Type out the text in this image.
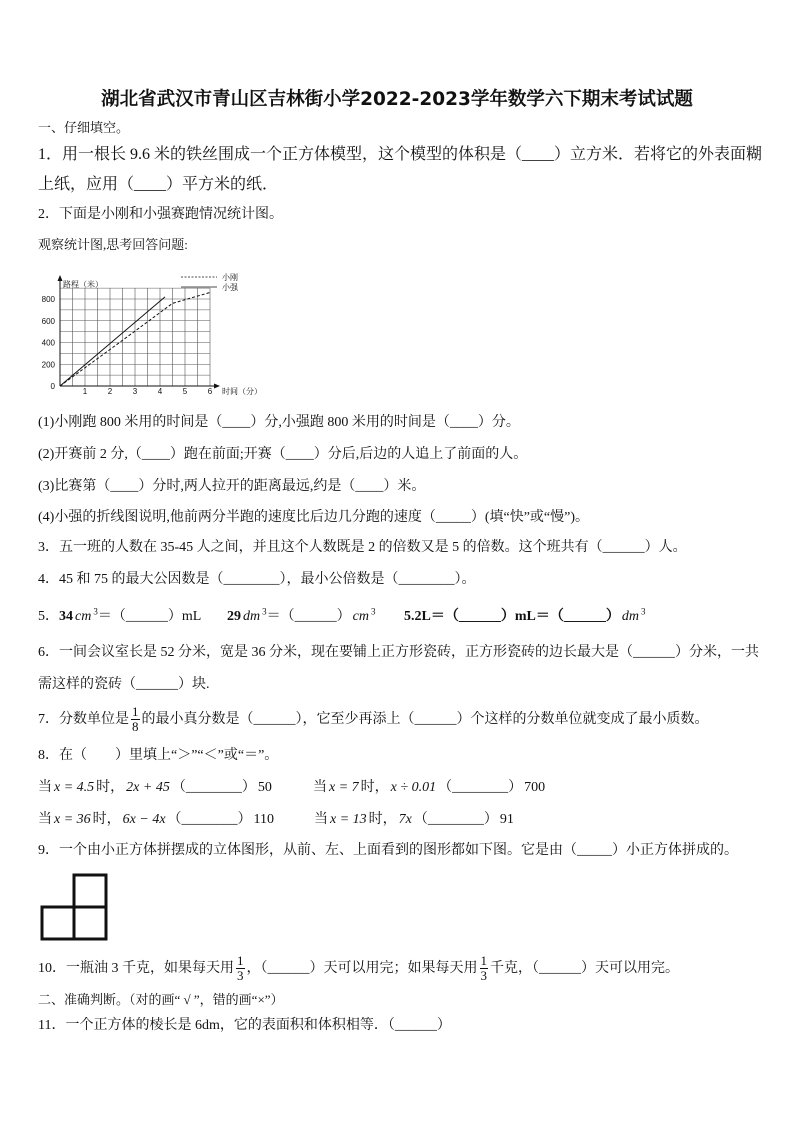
湖北省武汉市青山区吉林街小学2022-2023学年数学六下期末考试试题
一、仔细填空。
1．用一根长 9.6 米的铁丝围成一个正方体模型，这个模型的体积是（____）立方米．若将它的外表面糊
上纸，应用（____）平方米的纸．
2．下面是小刚和小强赛跑情况统计图。
观察统计图,思考回答问题:
0
200
400
600
800
1	2	3	4	5	6
路程（米）
时间（分）
小刚
小强
(1)小刚跑 800 米用的时间是（____）分,小强跑 800 米用的时间是（____）分。
(2)开赛前 2 分,（____）跑在前面;开赛（____）分后,后边的人追上了前面的人。
(3)比赛第（____）分时,两人拉开的距离最远,约是（____）米。
(4)小强的折线图说明,他前两分半跑的速度比后边几分跑的速度（_____）(填“快”或“慢”)。
3．五一班的人数在 35-45 人之间，并且这个人数既是 2 的倍数又是 5 的倍数。这个班共有（______）人。
4．45 和 75 的最大公因数是（________），最小公倍数是（________）。
5．34 cm $^3$＝（______）mL 29 dm $^3$＝（______） cm $^3$ 5.2L＝（______）mL＝（______） dm $^3$
6．一间会议室长是 52 分米，宽是 36 分米，现在要铺上正方形瓷砖，正方形瓷砖的边长最大是（______）分米，一共
需这样的瓷砖（______）块.
7．分数单位是 $\frac{1}{8}$ 的最小真分数是（______），它至少再添上（______）个这样的分数单位就变成了最小质数。
8．在（　　）里填上“＞”“＜”或“＝”。
当 x = 4.5 时， 2x + 45 （________） 50	当 x = 7 时， x ÷ 0.01 （________） 700
当 x = 36 时， 6x − 4x （________） 110	当 x = 13 时， 7x （________） 91
9．一个由小正方体拼摆成的立体图形，从前、左、上面看到的图形都如下图。它是由（_____）小正方体拼成的。
10．一瓶油 3 千克，如果每天用 $\frac{1}{3}$ ，（______）天可以用完；如果每天用 $\frac{1}{3}$ 千克，（______）天可以用完。
二、准确判断。（对的画“ √ ”，错的画“×”）
11．一个正方体的棱长是 6dm，它的表面积和体积相等．（______）
